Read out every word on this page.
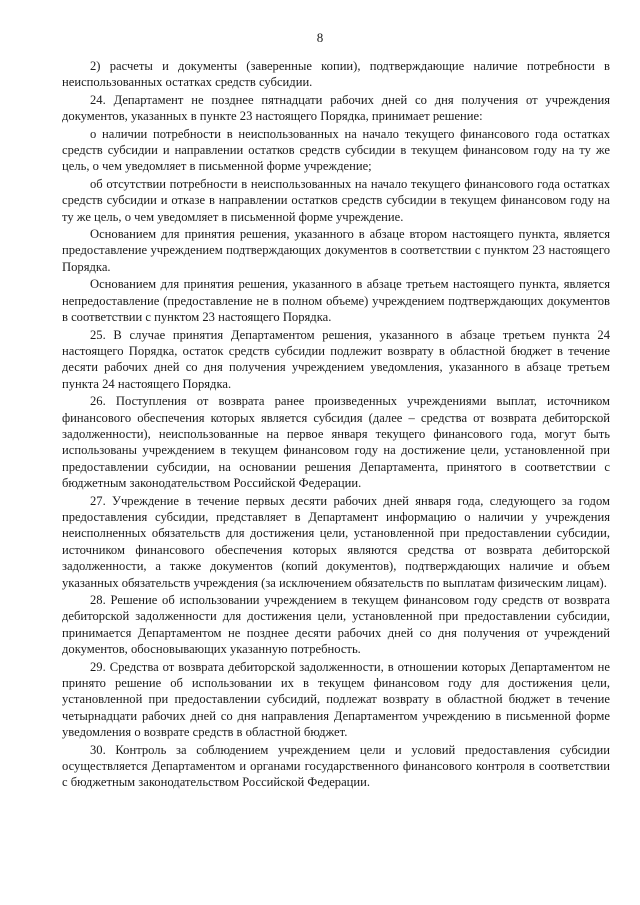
8

2) расчеты и документы (заверенные копии), подтверждающие наличие потребности в неиспользованных остатках средств субсидии.

24. Департамент не позднее пятнадцати рабочих дней со дня получения от учреждения документов, указанных в пункте 23 настоящего Порядка, принимает решение:

о наличии потребности в неиспользованных на начало текущего финансового года остатках средств субсидии и направлении остатков средств субсидии в текущем финансовом году на ту же цель, о чем уведомляет в письменной форме учреждение;

об отсутствии потребности в неиспользованных на начало текущего финансового года остатках средств субсидии и отказе в направлении остатков средств субсидии в текущем финансовом году на ту же цель, о чем уведомляет в письменной форме учреждение.

Основанием для принятия решения, указанного в абзаце втором настоящего пункта, является предоставление учреждением подтверждающих документов в соответствии с пунктом 23 настоящего Порядка.

Основанием для принятия решения, указанного в абзаце третьем настоящего пункта, является непредоставление (предоставление не в полном объеме) учреждением подтверждающих документов в соответствии с пунктом 23 настоящего Порядка.

25. В случае принятия Департаментом решения, указанного в абзаце третьем пункта 24 настоящего Порядка, остаток средств субсидии подлежит возврату в областной бюджет в течение десяти рабочих дней со дня получения учреждением уведомления, указанного в абзаце третьем пункта 24 настоящего Порядка.

26. Поступления от возврата ранее произведенных учреждениями выплат, источником финансового обеспечения которых является субсидия (далее – средства от возврата дебиторской задолженности), неиспользованные на первое января текущего финансового года, могут быть использованы учреждением в текущем финансовом году на достижение цели, установленной при предоставлении субсидии, на основании решения Департамента, принятого в соответствии с бюджетным законодательством Российской Федерации.

27. Учреждение в течение первых десяти рабочих дней января года, следующего за годом предоставления субсидии, представляет в Департамент информацию о наличии у учреждения неисполненных обязательств для достижения цели, установленной при предоставлении субсидии, источником финансового обеспечения которых являются средства от возврата дебиторской задолженности, а также документов (копий документов), подтверждающих наличие и объем указанных обязательств учреждения (за исключением обязательств по выплатам физическим лицам).

28. Решение об использовании учреждением в текущем финансовом году средств от возврата дебиторской задолженности для достижения цели, установленной при предоставлении субсидии, принимается Департаментом не позднее десяти рабочих дней со дня получения от учреждений документов, обосновывающих указанную потребность.

29. Средства от возврата дебиторской задолженности, в отношении которых Департаментом не принято решение об использовании их в текущем финансовом году для достижения цели, установленной при предоставлении субсидий, подлежат возврату в областной бюджет в течение четырнадцати рабочих дней со дня направления Департаментом учреждению в письменной форме уведомления о возврате средств в областной бюджет.

30. Контроль за соблюдением учреждением цели и условий предоставления субсидии осуществляется Департаментом и органами государственного финансового контроля в соответствии с бюджетным законодательством Российской Федерации.
